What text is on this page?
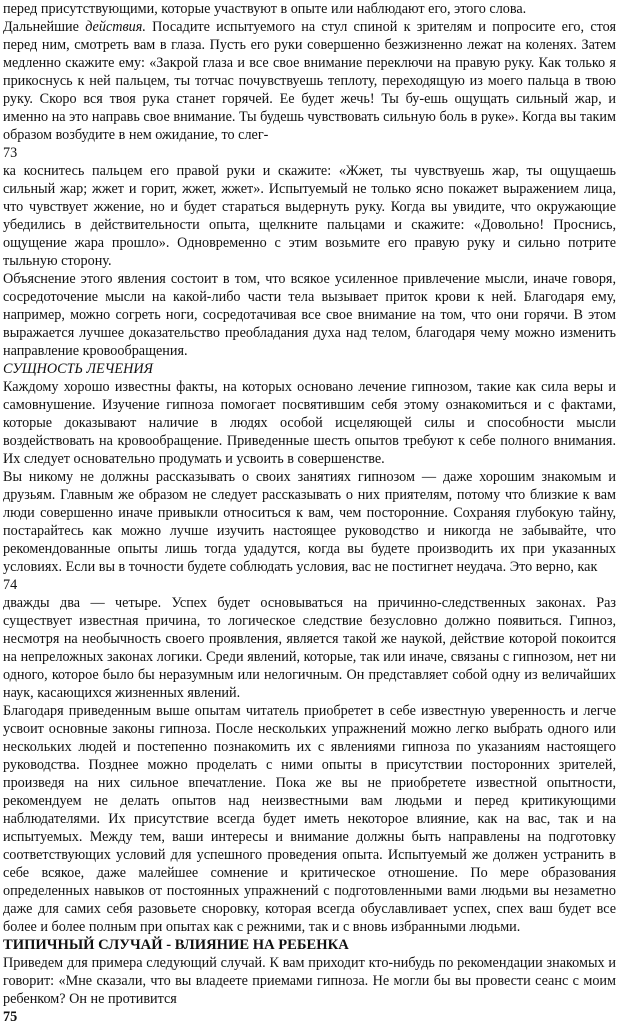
перед присутствующими, которые участвуют в опыте или наблюдают его, этого слова.

Дальнейшие действия. Посадите испытуемого на стул спиной к зрителям и попросите его, стоя перед ним, смотреть вам в глаза. Пусть его руки совершенно безжизненно лежат на коленях. Затем медленно скажите ему: «Закрой глаза и все свое внимание переключи на правую руку. Как только я прикоснусь к ней пальцем, ты тотчас почувствуешь теплоту, переходящую из моего пальца в твою руку. Скоро вся твоя рука станет горячей. Ее будет жечь! Ты бу-ешь ощущать сильный жар, и именно на это направь свое внимание. Ты будешь чувствовать сильную боль в руке». Когда вы таким образом возбудите в нем ожидание, то слег-

73

ка коснитесь пальцем его правой руки и скажите: «Жжет, ты чувствуешь жар, ты ощущаешь сильный жар; жжет и горит, жжет, жжет». Испытуемый не только ясно покажет выражением лица, что чувствует жжение, но и будет стараться выдернуть руку. Когда вы увидите, что окружающие убедились в действительности опыта, щелкните пальцами и скажите: «Довольно! Проснись, ощущение жара прошло». Одновременно с этим возьмите его правую руку и сильно потрите тыльную сторону.

Объяснение этого явления состоит в том, что всякое усиленное привлечение мысли, иначе говоря, сосредоточение мысли на какой-либо части тела вызывает приток крови к ней. Благодаря ему, например, можно согреть ноги, сосредотачивая все свое внимание на том, что они горячи. В этом выражается лучшее доказательство преобладания духа над телом, благодаря чему можно изменить направление кровообращения.

СУЩНОСТЬ ЛЕЧЕНИЯ

Каждому хорошо известны факты, на которых основано лечение гипнозом, такие как сила веры и самовнушение. Изучение гипноза помогает посвятившим себя этому ознакомиться и с фактами, которые доказывают наличие в людях особой исцеляющей силы и способности мысли воздействовать на кровообращение. Приведенные шесть опытов требуют к себе полного внимания. Их следует основательно продумать и усвоить в совершенстве.

Вы никому не должны рассказывать о своих занятиях гипнозом — даже хорошим знакомым и друзьям. Главным же образом не следует рассказывать о них приятелям, потому что близкие к вам люди совершенно иначе привыкли относиться к вам, чем посторонние. Сохраняя глубокую тайну, постарайтесь как можно лучше изучить настоящее руководство и никогда не забывайте, что рекомендованные опыты лишь тогда удадутся, когда вы будете производить их при указанных условиях. Если вы в точности будете соблюдать условия, вас не постигнет неудача. Это верно, как

74

дважды два — четыре. Успех будет основываться на причинно-следственных законах. Раз существует известная причина, то логическое следствие безусловно должно появиться. Гипноз, несмотря на необычность своего проявления, является такой же наукой, действие которой покоится на непреложных законах логики. Среди явлений, которые, так или иначе, связаны с гипнозом, нет ни одного, которое было бы неразумным или нелогичным. Он представляет собой одну из величайших наук, касающихся жизненных явлений.

Благодаря приведенным выше опытам читатель приобретет в себе известную уверенность и легче усвоит основные законы гипноза. После нескольких упражнений можно легко выбрать одного или нескольких людей и постепенно познакомить их с явлениями гипноза по указаниям настоящего руководства. Позднее можно проделать с ними опыты в присутствии посторонних зрителей, произведя на них сильное впечатление. Пока же вы не приобретете известной опытности, рекомендуем не делать опытов над неизвестными вам людьми и перед критикующими наблюдателями. Их присутствие всегда будет иметь некоторое влияние, как на вас, так и на испытуемых. Между тем, ваши интересы и внимание должны быть направлены на подготовку соответствующих условий для успешного проведения опыта. Испытуемый же должен устранить в себе всякое, даже малейшее сомнение и критическое отношение. По мере образования определенных навыков от постоянных упражнений с подготовленными вами людьми вы незаметно даже для самих себя разовьете сноровку, которая всегда обуславливает успех, спех ваш будет все более и более полным при опытах как с режними, так и с вновь избранными людьми.

ТИПИЧНЫЙ СЛУЧАЙ - ВЛИЯНИЕ НА РЕБЕНКА

Приведем для примера следующий случай. К вам приходит кто-нибудь по рекомендации знакомых и говорит: «Мне сказали, что вы владеете приемами гипноза. Не могли бы вы провести сеанс с моим ребенком? Он не противится

75
